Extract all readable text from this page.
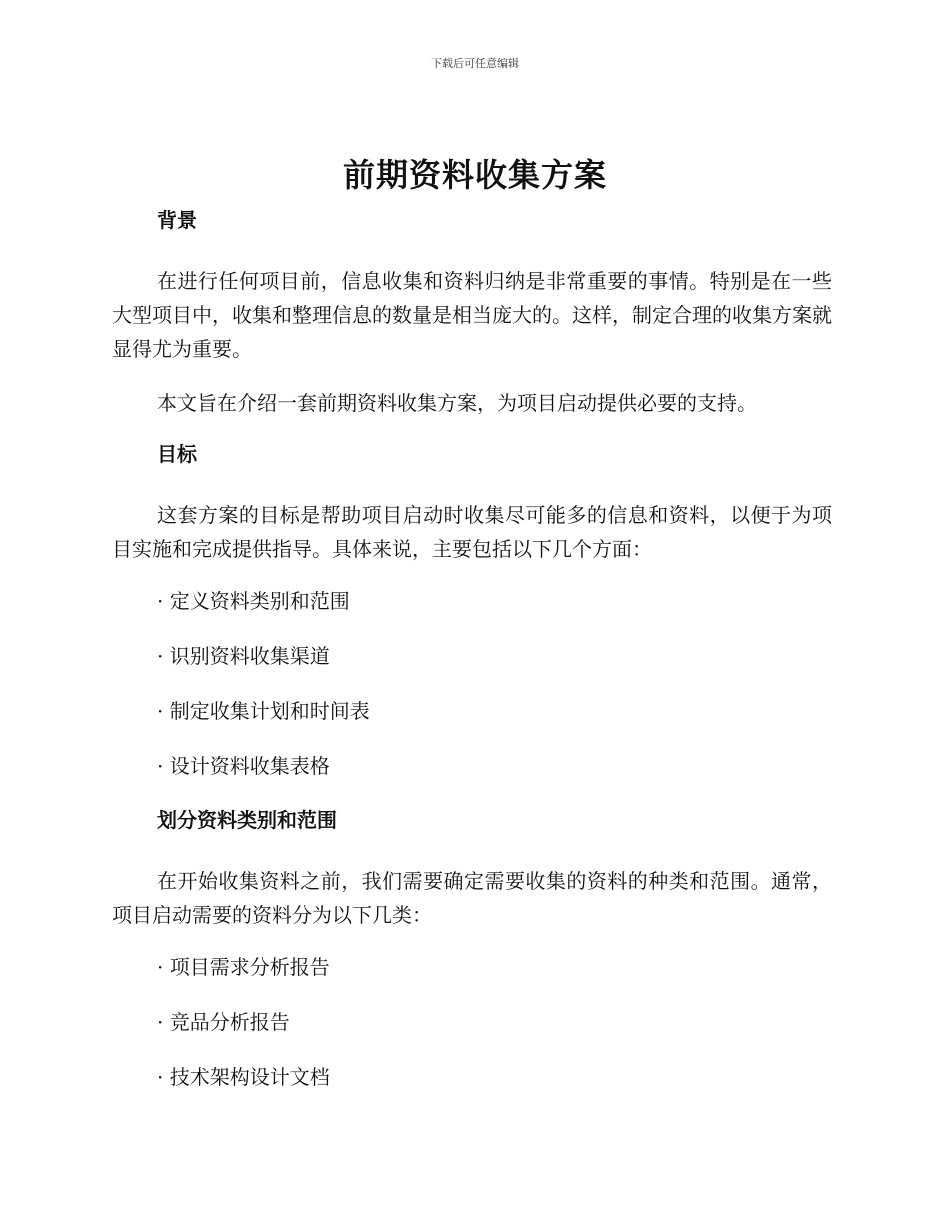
下载后可任意编辑
前期资料收集方案
背景

在进行任何项目前，信息收集和资料归纳是非常重要的事情。特别是在一些大型项目中，收集和整理信息的数量是相当庞大的。这样，制定合理的收集方案就显得尤为重要。

本文旨在介绍一套前期资料收集方案，为项目启动提供必要的支持。

目标

这套方案的目标是帮助项目启动时收集尽可能多的信息和资料，以便于为项目实施和完成提供指导。具体来说，主要包括以下几个方面：

· 定义资料类别和范围
· 识别资料收集渠道
· 制定收集计划和时间表
· 设计资料收集表格
划分资料类别和范围

在开始收集资料之前，我们需要确定需要收集的资料的种类和范围。通常，项目启动需要的资料分为以下几类：

· 项目需求分析报告
· 竞品分析报告
· 技术架构设计文档
